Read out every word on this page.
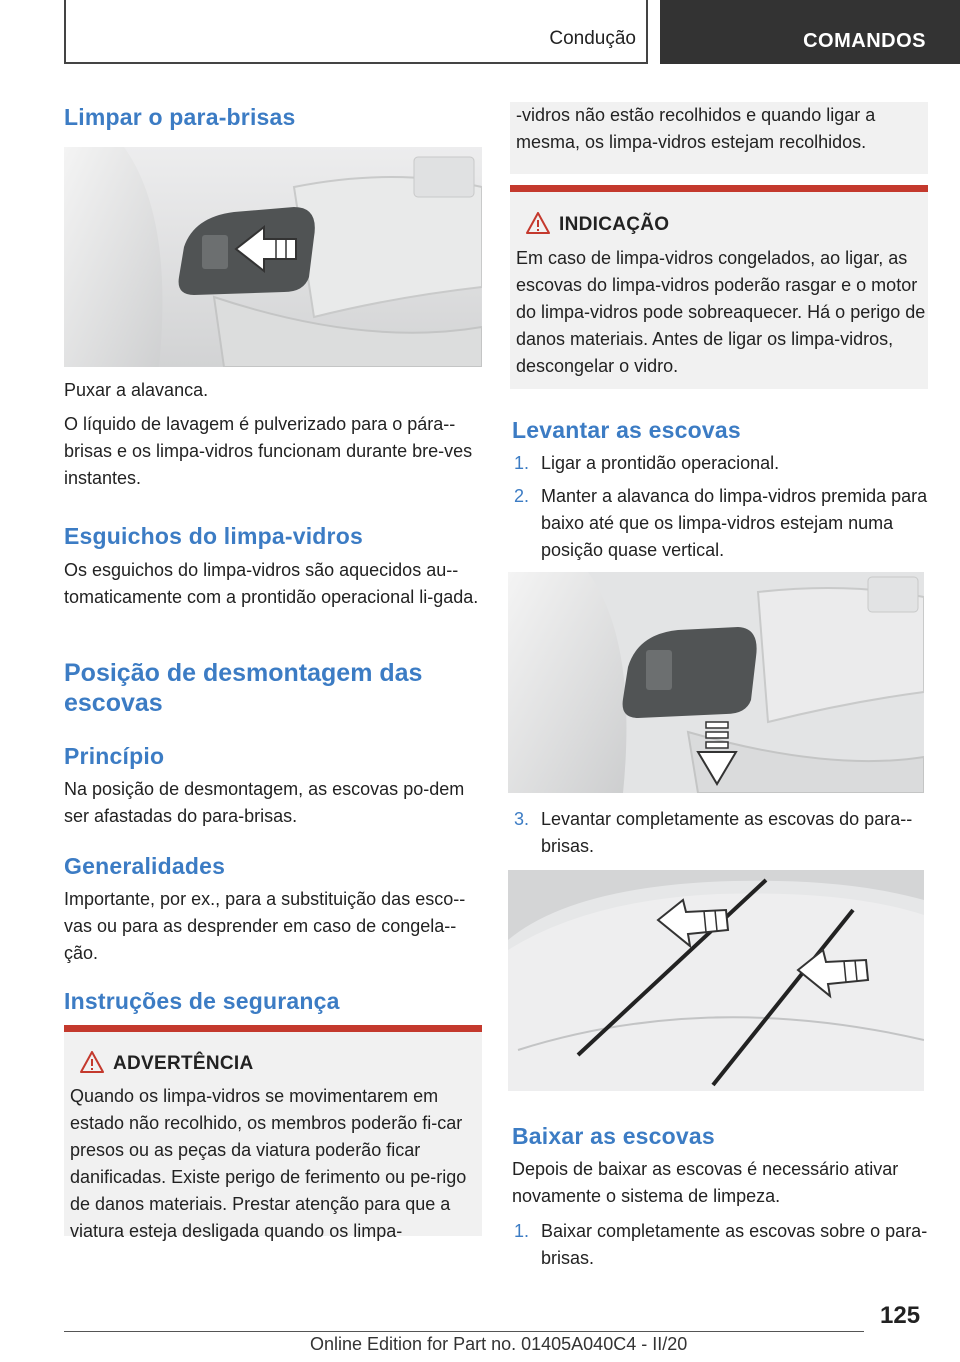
Condução	COMANDOS
Limpar o para-brisas

Puxar a alavanca.

O líquido de lavagem é pulverizado para o pára--brisas e os limpa-vidros funcionam durante bre-ves instantes.

Esguichos do limpa-vidros

Os esguichos do limpa-vidros são aquecidos au-tomaticamente com a prontidão operacional li-gada.

Posição de desmontagem das escovas
Princípio

Na posição de desmontagem, as escovas po-dem ser afastadas do para-brisas.

Generalidades

Importante, por ex., para a substituição das esco-vas ou para as desprender em caso de congela-ção.

Instruções de segurança
ADVERTÊNCIA

Quando os limpa-vidros se movimentarem em estado não recolhido, os membros poderão fi-car presos ou as peças da viatura poderão ficar danificadas. Existe perigo de ferimento ou pe-rigo de danos materiais. Prestar atenção para que a viatura esteja desligada quando os limpa-

-vidros não estão recolhidos e quando ligar a mesma, os limpa-vidros estejam recolhidos.

INDICAÇÃO

Em caso de limpa-vidros congelados, ao ligar, as escovas do limpa-vidros poderão rasgar e o motor do limpa-vidros pode sobreaquecer. Há o perigo de danos materiais. Antes de ligar os limpa-vidros, descongelar o vidro.

Levantar as escovas
1. Ligar a prontidão operacional.
2. Manter a alavanca do limpa-vidros premida para baixo até que os limpa-vidros estejam numa posição quase vertical.
3. Levantar completamente as escovas do para--brisas.
Baixar as escovas

Depois de baixar as escovas é necessário ativar novamente o sistema de limpeza.

1. Baixar completamente as escovas sobre o para-brisas.
125
Online Edition for Part no. 01405A040C4 - II/20
